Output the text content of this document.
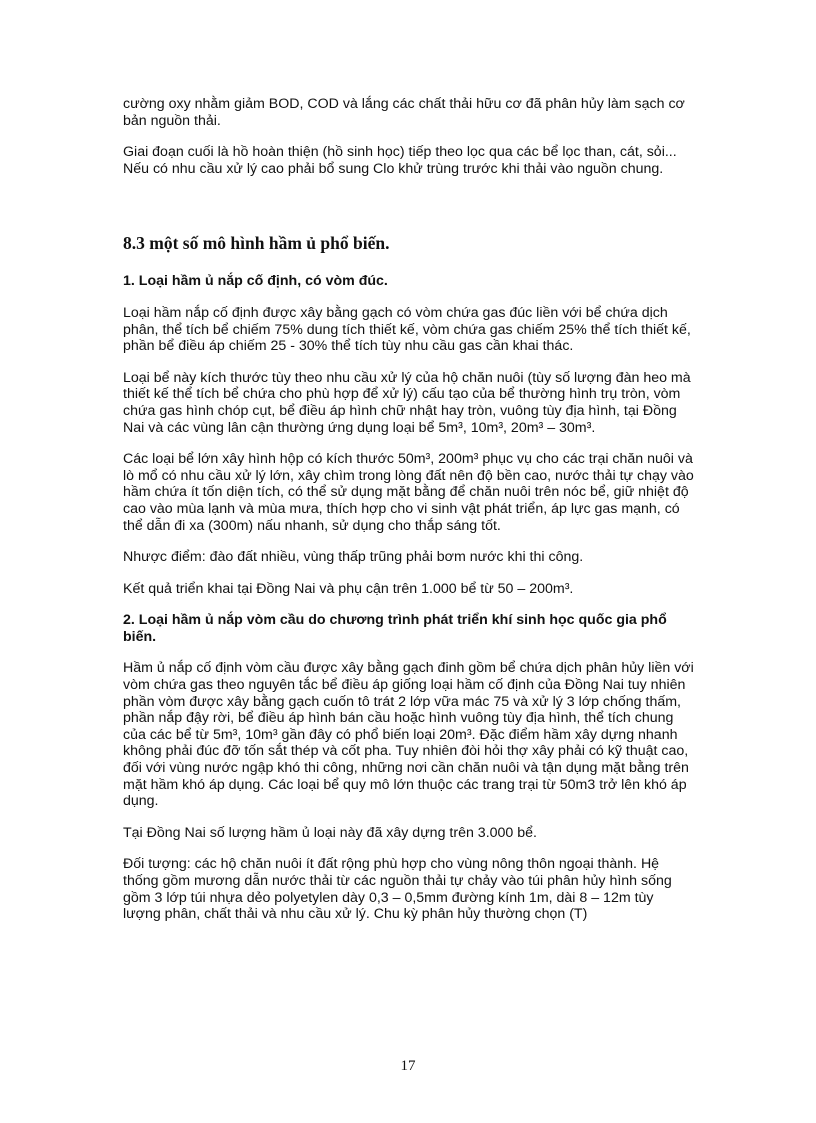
cường oxy nhằm giảm BOD, COD và lắng các chất thải hữu cơ đã phân hủy làm sạch cơ bản nguồn thải.

Giai đoạn cuối là hồ hoàn thiện (hồ sinh học) tiếp theo lọc qua các bể lọc than, cát, sỏi... Nếu có nhu cầu xử lý cao phải bổ sung Clo khử trùng trước khi thải vào nguồn chung.

8.3 một số mô hình hầm ủ phổ biến.
1. Loại hầm ủ nắp cố định, có vòm đúc.

Loại hầm nắp cố định được xây bằng gạch có vòm chứa gas đúc liền với bể chứa dịch phân, thể tích bể chiếm 75% dung tích thiết kế, vòm chứa gas chiếm 25% thể tích thiết kế, phần bể điều áp chiếm 25 - 30% thể tích tùy nhu cầu gas cần khai thác.

Loại bể này kích thước tùy theo nhu cầu xử lý của hộ chăn nuôi (tùy số lượng đàn heo mà thiết kế thể tích bể chứa cho phù hợp để xử lý) cấu tạo của bể thường hình trụ tròn, vòm chứa gas hình chóp cụt, bể điều áp hình chữ nhật hay tròn, vuông tùy địa hình, tại Đồng Nai và các vùng lân cận thường ứng dụng loại bể 5m³, 10m³, 20m³ – 30m³.

Các loại bể lớn xây hình hộp có kích thước 50m³, 200m³ phục vụ cho các trại chăn nuôi và lò mổ có nhu cầu xử lý lớn, xây chìm trong lòng đất nên độ bền cao, nước thải tự chạy vào hầm chứa ít tốn diện tích, có thể sử dụng mặt bằng để chăn nuôi trên nóc bể, giữ nhiệt độ cao vào mùa lạnh và mùa mưa, thích hợp cho vi sinh vật phát triển, áp lực gas mạnh, có thể dẫn đi xa (300m) nấu nhanh, sử dụng cho thắp sáng tốt.

Nhược điểm: đào đất nhiều, vùng thấp trũng phải bơm nước khi thi công.

Kết quả triển khai tại Đồng Nai và phụ cận trên 1.000 bể từ 50 – 200m³.

2. Loại hầm ủ nắp vòm cầu do chương trình phát triển khí sinh học quốc gia phổ biến.

Hầm ủ nắp cố định vòm cầu được xây bằng gạch đinh gồm bể chứa dịch phân hủy liền với vòm chứa gas theo nguyên tắc bể điều áp giống loại hầm cố định của Đồng Nai tuy nhiên phần vòm được xây bằng gạch cuốn tô trát 2 lớp vữa mác 75 và xử lý 3 lớp chống thấm, phần nắp đậy rời, bể điều áp hình bán cầu hoặc hình vuông tùy địa hình, thể tích chung của các bể từ 5m³, 10m³ gần đây có phổ biến loại 20m³. Đặc điểm hầm xây dựng nhanh không phải đúc đỡ tốn sắt thép và cốt pha. Tuy nhiên đòi hỏi thợ xây phải có kỹ thuật cao, đối với vùng nước ngập khó thi công, những nơi cần chăn nuôi và tận dụng mặt bằng trên mặt hầm khó áp dụng. Các loại bể quy mô lớn thuộc các trang trại từ 50m3 trở lên khó áp dụng.

Tại Đồng Nai số lượng hầm ủ loại này đã xây dựng trên 3.000 bể.

Đối tượng: các hộ chăn nuôi ít đất rộng phù hợp cho vùng nông thôn ngoại thành. Hệ thống gồm mương dẫn nước thải từ các nguồn thải tự chảy vào túi phân hủy hình sống gồm 3 lớp túi nhựa dẻo polyetylen dày 0,3 – 0,5mm đường kính 1m, dài 8 – 12m tùy lượng phân, chất thải và nhu cầu xử lý. Chu kỳ phân hủy thường chọn (T)

17
